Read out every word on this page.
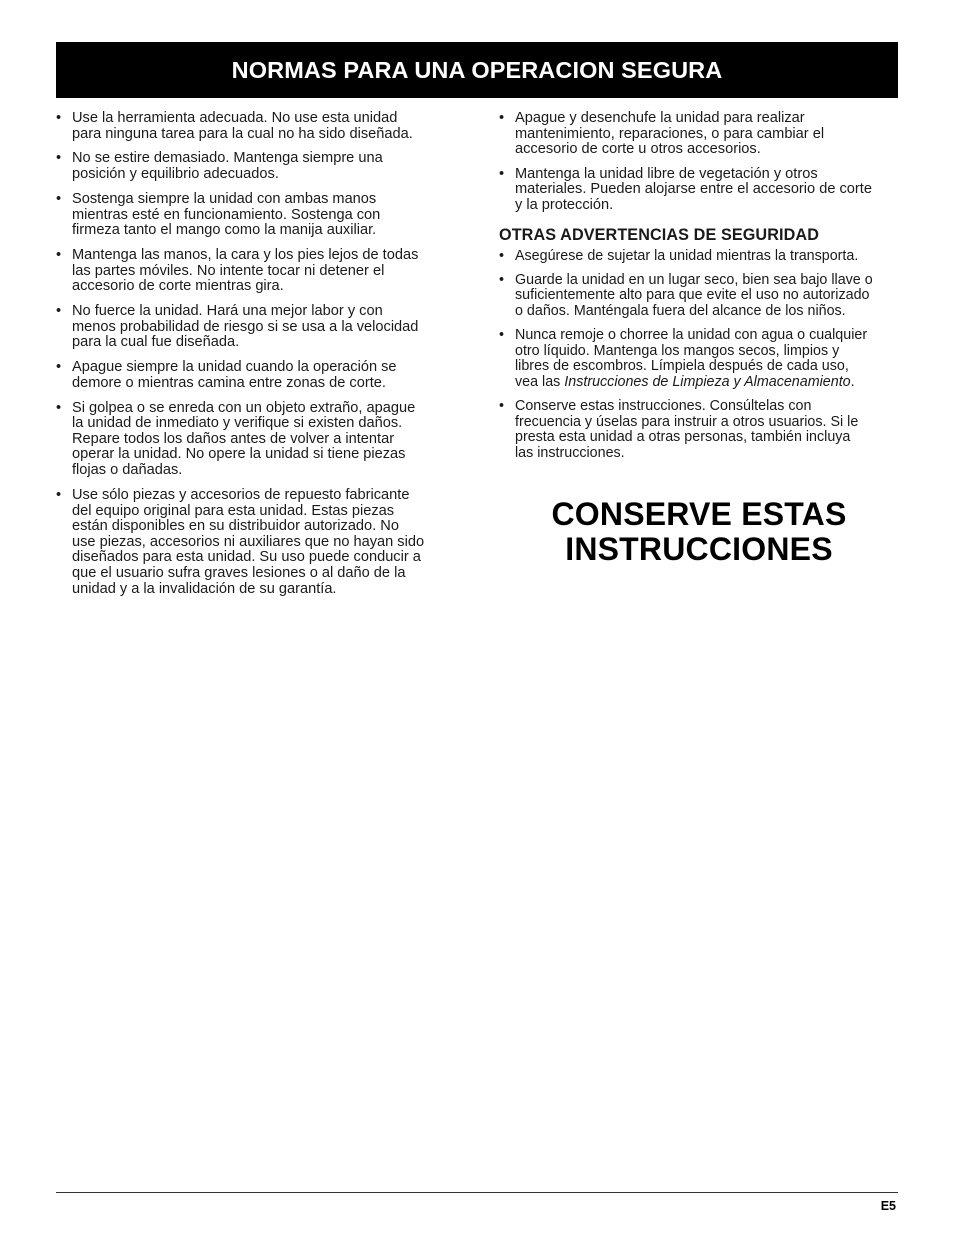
NORMAS PARA UNA OPERACION SEGURA
• Use la herramienta adecuada. No use esta unidad
para ninguna tarea para la cual no ha sido diseñada.
• No se estire demasiado. Mantenga siempre una
posición y equilibrio adecuados.
• Sostenga siempre la unidad con ambas manos
mientras esté en funcionamiento. Sostenga con
firmeza tanto el mango como la manija auxiliar.
• Mantenga las manos, la cara y los pies lejos de todas
las partes móviles. No intente tocar ni detener el
accesorio de corte mientras gira.
• No fuerce la unidad. Hará una mejor labor y con
menos probabilidad de riesgo si se usa a la velocidad
para la cual fue diseñada.
• Apague siempre la unidad cuando la operación se
demore o mientras camina entre zonas de corte.
• Si golpea o se enreda con un objeto extraño, apague
la unidad de inmediato y verifique si existen daños.
Repare todos los daños antes de volver a intentar
operar la unidad. No opere la unidad si tiene piezas
flojas o dañadas.
• Use sólo piezas y accesorios de repuesto fabricante
del equipo original para esta unidad. Estas piezas
están disponibles en su distribuidor autorizado. No
use piezas, accesorios ni auxiliares que no hayan sido
diseñados para esta unidad. Su uso puede conducir a
que el usuario sufra graves lesiones o al daño de la
unidad y a la invalidación de su garantía.
• Apague y desenchufe la unidad para realizar
mantenimiento, reparaciones, o para cambiar el
accesorio de corte u otros accesorios.
• Mantenga la unidad libre de vegetación y otros
materiales. Pueden alojarse entre el accesorio de corte
y la protección.
OTRAS ADVERTENCIAS DE SEGURIDAD
• Asegúrese de sujetar la unidad mientras la transporta.
• Guarde la unidad en un lugar seco, bien sea bajo llave o
suficientemente alto para que evite el uso no autorizado
o daños. Manténgala fuera del alcance de los niños.
• Nunca remoje o chorree la unidad con agua o cualquier
otro líquido. Mantenga los mangos secos, limpios y
libres de escombros. Límpiela después de cada uso,
vea las Instrucciones de Limpieza y Almacenamiento.
• Conserve estas instrucciones. Consúltelas con
frecuencia y úselas para instruir a otros usuarios. Si le
presta esta unidad a otras personas, también incluya
las instrucciones.
CONSERVE ESTAS
INSTRUCCIONES
E5
